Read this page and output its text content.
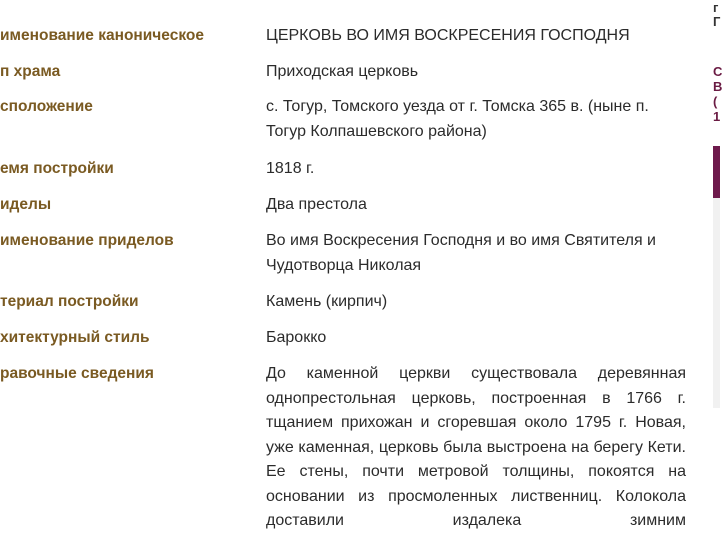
именование каноническое	ЦЕРКОВЬ ВО ИМЯ ВОСКРЕСЕНИЯ ГОСПОДНЯ
п храма	Приходская церковь
сположение	с. Тогур, Томского уезда от г. Томска 365 в. (ныне п. Тогур Колпашевского района)
емя постройки	1818 г.
иделы	Два престола
именование приделов	Во имя Воскресения Господня и во имя Святителя и Чудотворца Николая
териал постройки	Камень (кирпич)
хитектурный стиль	Барокко
равочные сведения	До каменной церкви существовала деревянная однопрестольная церковь, построенная в 1766 г. тщанием прихожан и сгоревшая около 1795 г. Новая, уже каменная, церковь была выстроена на берегу Кети. Ее стены, почти метровой толщины, покоятся на основании из просмоленных лиственниц. Колокола доставили издалека зимним
г
Г
С
В
(
1
